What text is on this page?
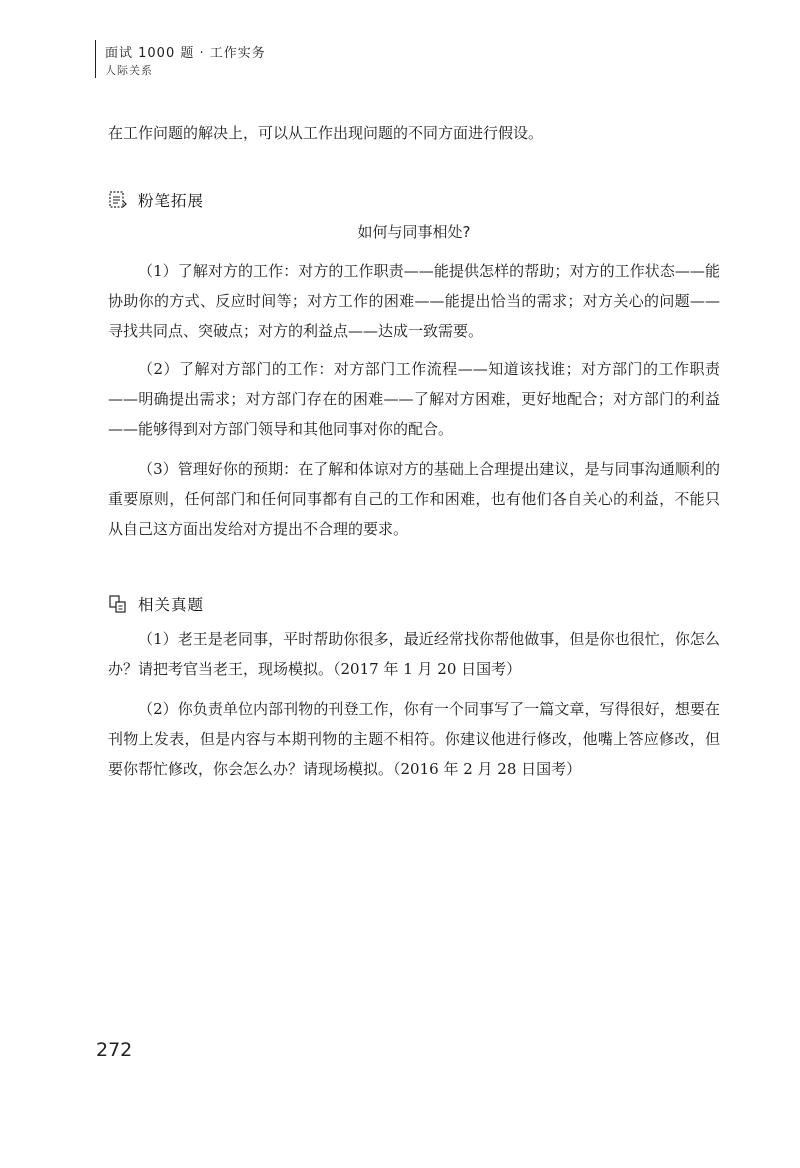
面试 1000 题 · 工作实务
人际关系

在工作问题的解决上，可以从工作出现问题的不同方面进行假设。

粉笔拓展
如何与同事相处?

（1）了解对方的工作：对方的工作职责——能提供怎样的帮助；对方的工作状态——能协助你的方式、反应时间等；对方工作的困难——能提出恰当的需求；对方关心的问题——寻找共同点、突破点；对方的利益点——达成一致需要。

（2）了解对方部门的工作：对方部门工作流程——知道该找谁；对方部门的工作职责——明确提出需求；对方部门存在的困难——了解对方困难，更好地配合；对方部门的利益——能够得到对方部门领导和其他同事对你的配合。

（3）管理好你的预期：在了解和体谅对方的基础上合理提出建议，是与同事沟通顺利的重要原则，任何部门和任何同事都有自己的工作和困难，也有他们各自关心的利益，不能只从自己这方面出发给对方提出不合理的要求。

相关真题

（1）老王是老同事，平时帮助你很多，最近经常找你帮他做事，但是你也很忙，你怎么办？请把考官当老王，现场模拟。（2017 年 1 月 20 日国考）

（2）你负责单位内部刊物的刊登工作，你有一个同事写了一篇文章，写得很好，想要在刊物上发表，但是内容与本期刊物的主题不相符。你建议他进行修改，他嘴上答应修改，但要你帮忙修改，你会怎么办？请现场模拟。（2016 年 2 月 28 日国考）

272
